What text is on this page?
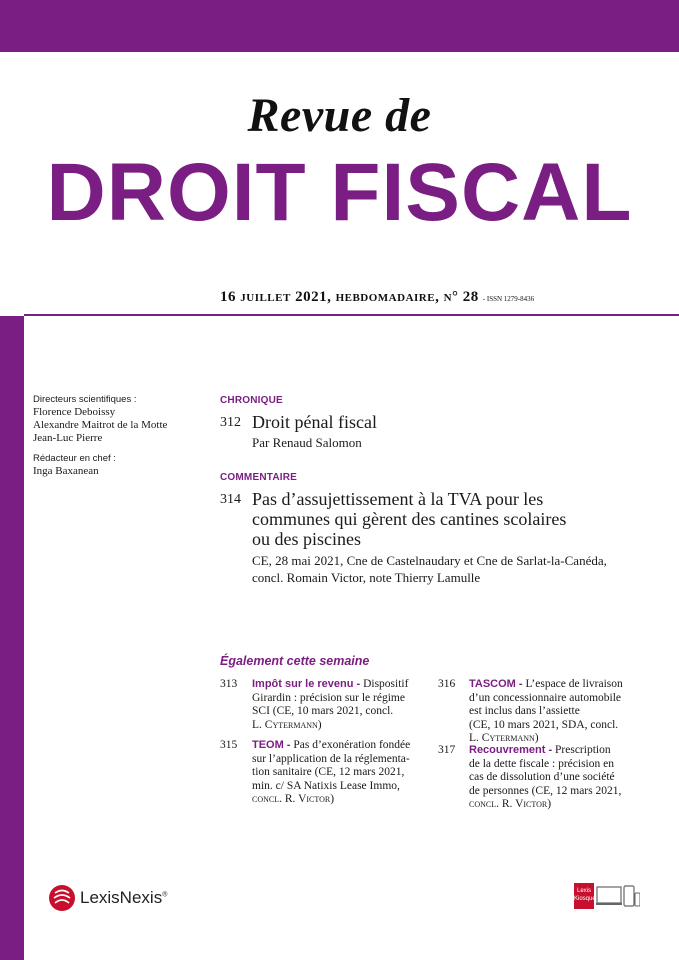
Revue de
DROIT FISCAL
16 juillet 2021, hebdomadaire, n° 28 - ISSN 1279-8436
Directeurs scientifiques :
Florence Deboissy
Alexandre Maitrot de la Motte
Jean-Luc Pierre
Rédacteur en chef :
Inga Baxanean
CHRONIQUE
312 Droit pénal fiscal
Par Renaud Salomon
COMMENTAIRE
314 Pas d’assujettissement à la TVA pour les
communes qui gèrent des cantines scolaires
ou des piscines
CE, 28 mai 2021, Cne de Castelnaudary et Cne de Sarlat-la-Canéda,
concl. Romain Victor, note Thierry Lamulle
Également cette semaine
313 Impôt sur le revenu - Dispositif
Girardin : précision sur le régime
SCI (CE, 10 mars 2021, concl.
L. Cytermann)
315 TEOM - Pas d’exonération fondée
sur l’application de la réglementa-
tion sanitaire (CE, 12 mars 2021,
min. c/ SA Natixis Lease Immo,
concl. R. Victor)
316 TASCOM - L’espace de livraison
d’un concessionnaire automobile
est inclus dans l’assiette
(CE, 10 mars 2021, SDA, concl.
L. Cytermann)
317 Recouvrement - Prescription
de la dette fiscale : précision en
cas de dissolution d’une société
de personnes (CE, 12 mars 2021,
concl. R. Victor)
LexisNexis®
Lexis
Kiosque
